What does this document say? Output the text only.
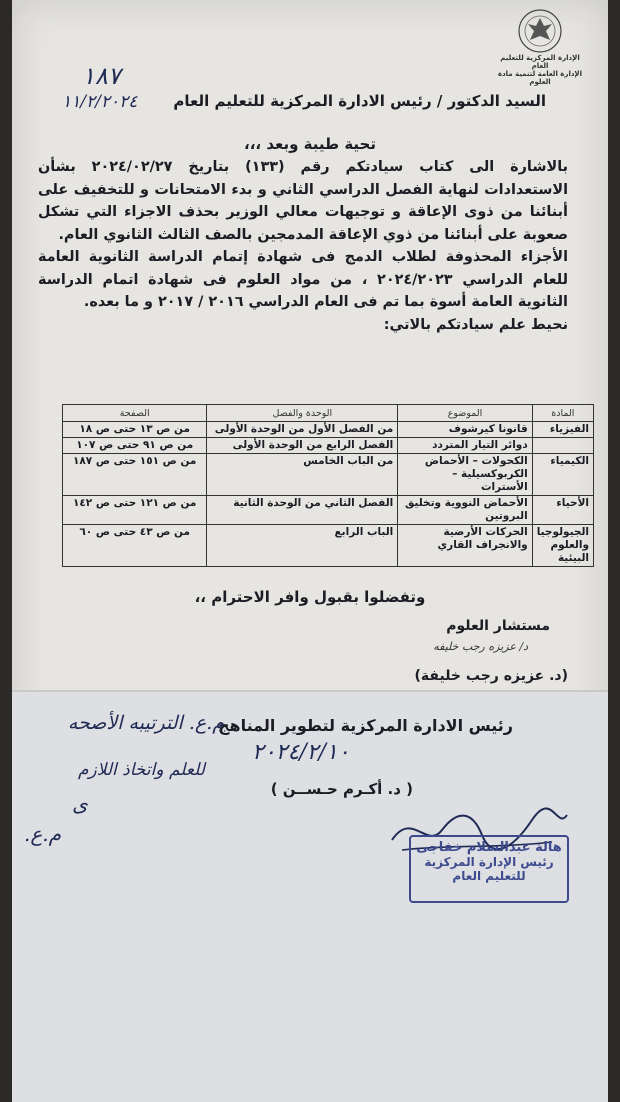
الإدارة المركزية للتعليم العام
الإدارة العامة لتنمية مادة العلوم
١٨٧
١١/٢/٢٠٢٤ السيد الدكتور / رئيس الادارة المركزية للتعليم العام
تحية طيبة وبعد ،،،

بالاشارة الى كتاب سيادتكم رقم (١٣٣) بتاريخ ٢٠٢٤/٠٢/٢٧ بشأن الاستعدادات لنهاية الفصل الدراسي الثاني و بدء الامتحانات و للتخفيف على أبنائنا من ذوى الإعاقة و توجيهات معالي الوزير بحذف الاجزاء التي تشكل صعوبة على أبنائنا من ذوي الإعاقة المدمجين بالصف الثالث الثانوي العام.

الأجزاء المحذوفة لطلاب الدمج فى شهادة إتمام الدراسة الثانوية العامة للعام الدراسي ٢٠٢٤/٢٠٢٣ ، من مواد العلوم فى شهادة اتمام الدراسة الثانوية العامة أسوة بما تم فى العام الدراسي ٢٠١٦ / ٢٠١٧ و ما بعده.

نحيط علم سيادتكم بالاتي:

المادة	الموضوع	الوحدة والفصل	الصفحة
الفيزياء	قانونا كيرشوف	من الفصل الأول من الوحدة الأولى	من ص ١٣ حتى ص ١٨
	دوائر التيار المتردد	الفصل الرابع من الوحدة الأولى	من ص ٩١ حتى ص ١٠٧
الكيمياء	الكحولات – الأحماض الكربوكسيلية – الأسترات	من الباب الخامس	من ص ١٥١ حتى ص ١٨٧
الأحياء	الأحماض النووية وتخليق البروتين	الفصل الثاني من الوحدة الثانية	من ص ١٢١ حتى ص ١٤٢
الجيولوجيا والعلوم البيئية	الحركات الأرضية والانجراف القاري	الباب الرابع	من ص ٤٣ حتى ص ٦٠
وتفضلوا بقبول وافر الاحترام ،،
مستشار العلوم
د/ عزيزه رجب خليفه
(د. عزيزه رجب خليفة)
رئيس الادارة المركزية لتطوير المناهج
م.ع. الترتيبه الأصحه
٢٠٢٤/٢/١٠
للعلم واتخاذ اللازم
( د. أكـرم حـســن )
ى
م.ع.
هالة عبدالسلام خفاجى
رئيس الإدارة المركزية
للتعليم العام
